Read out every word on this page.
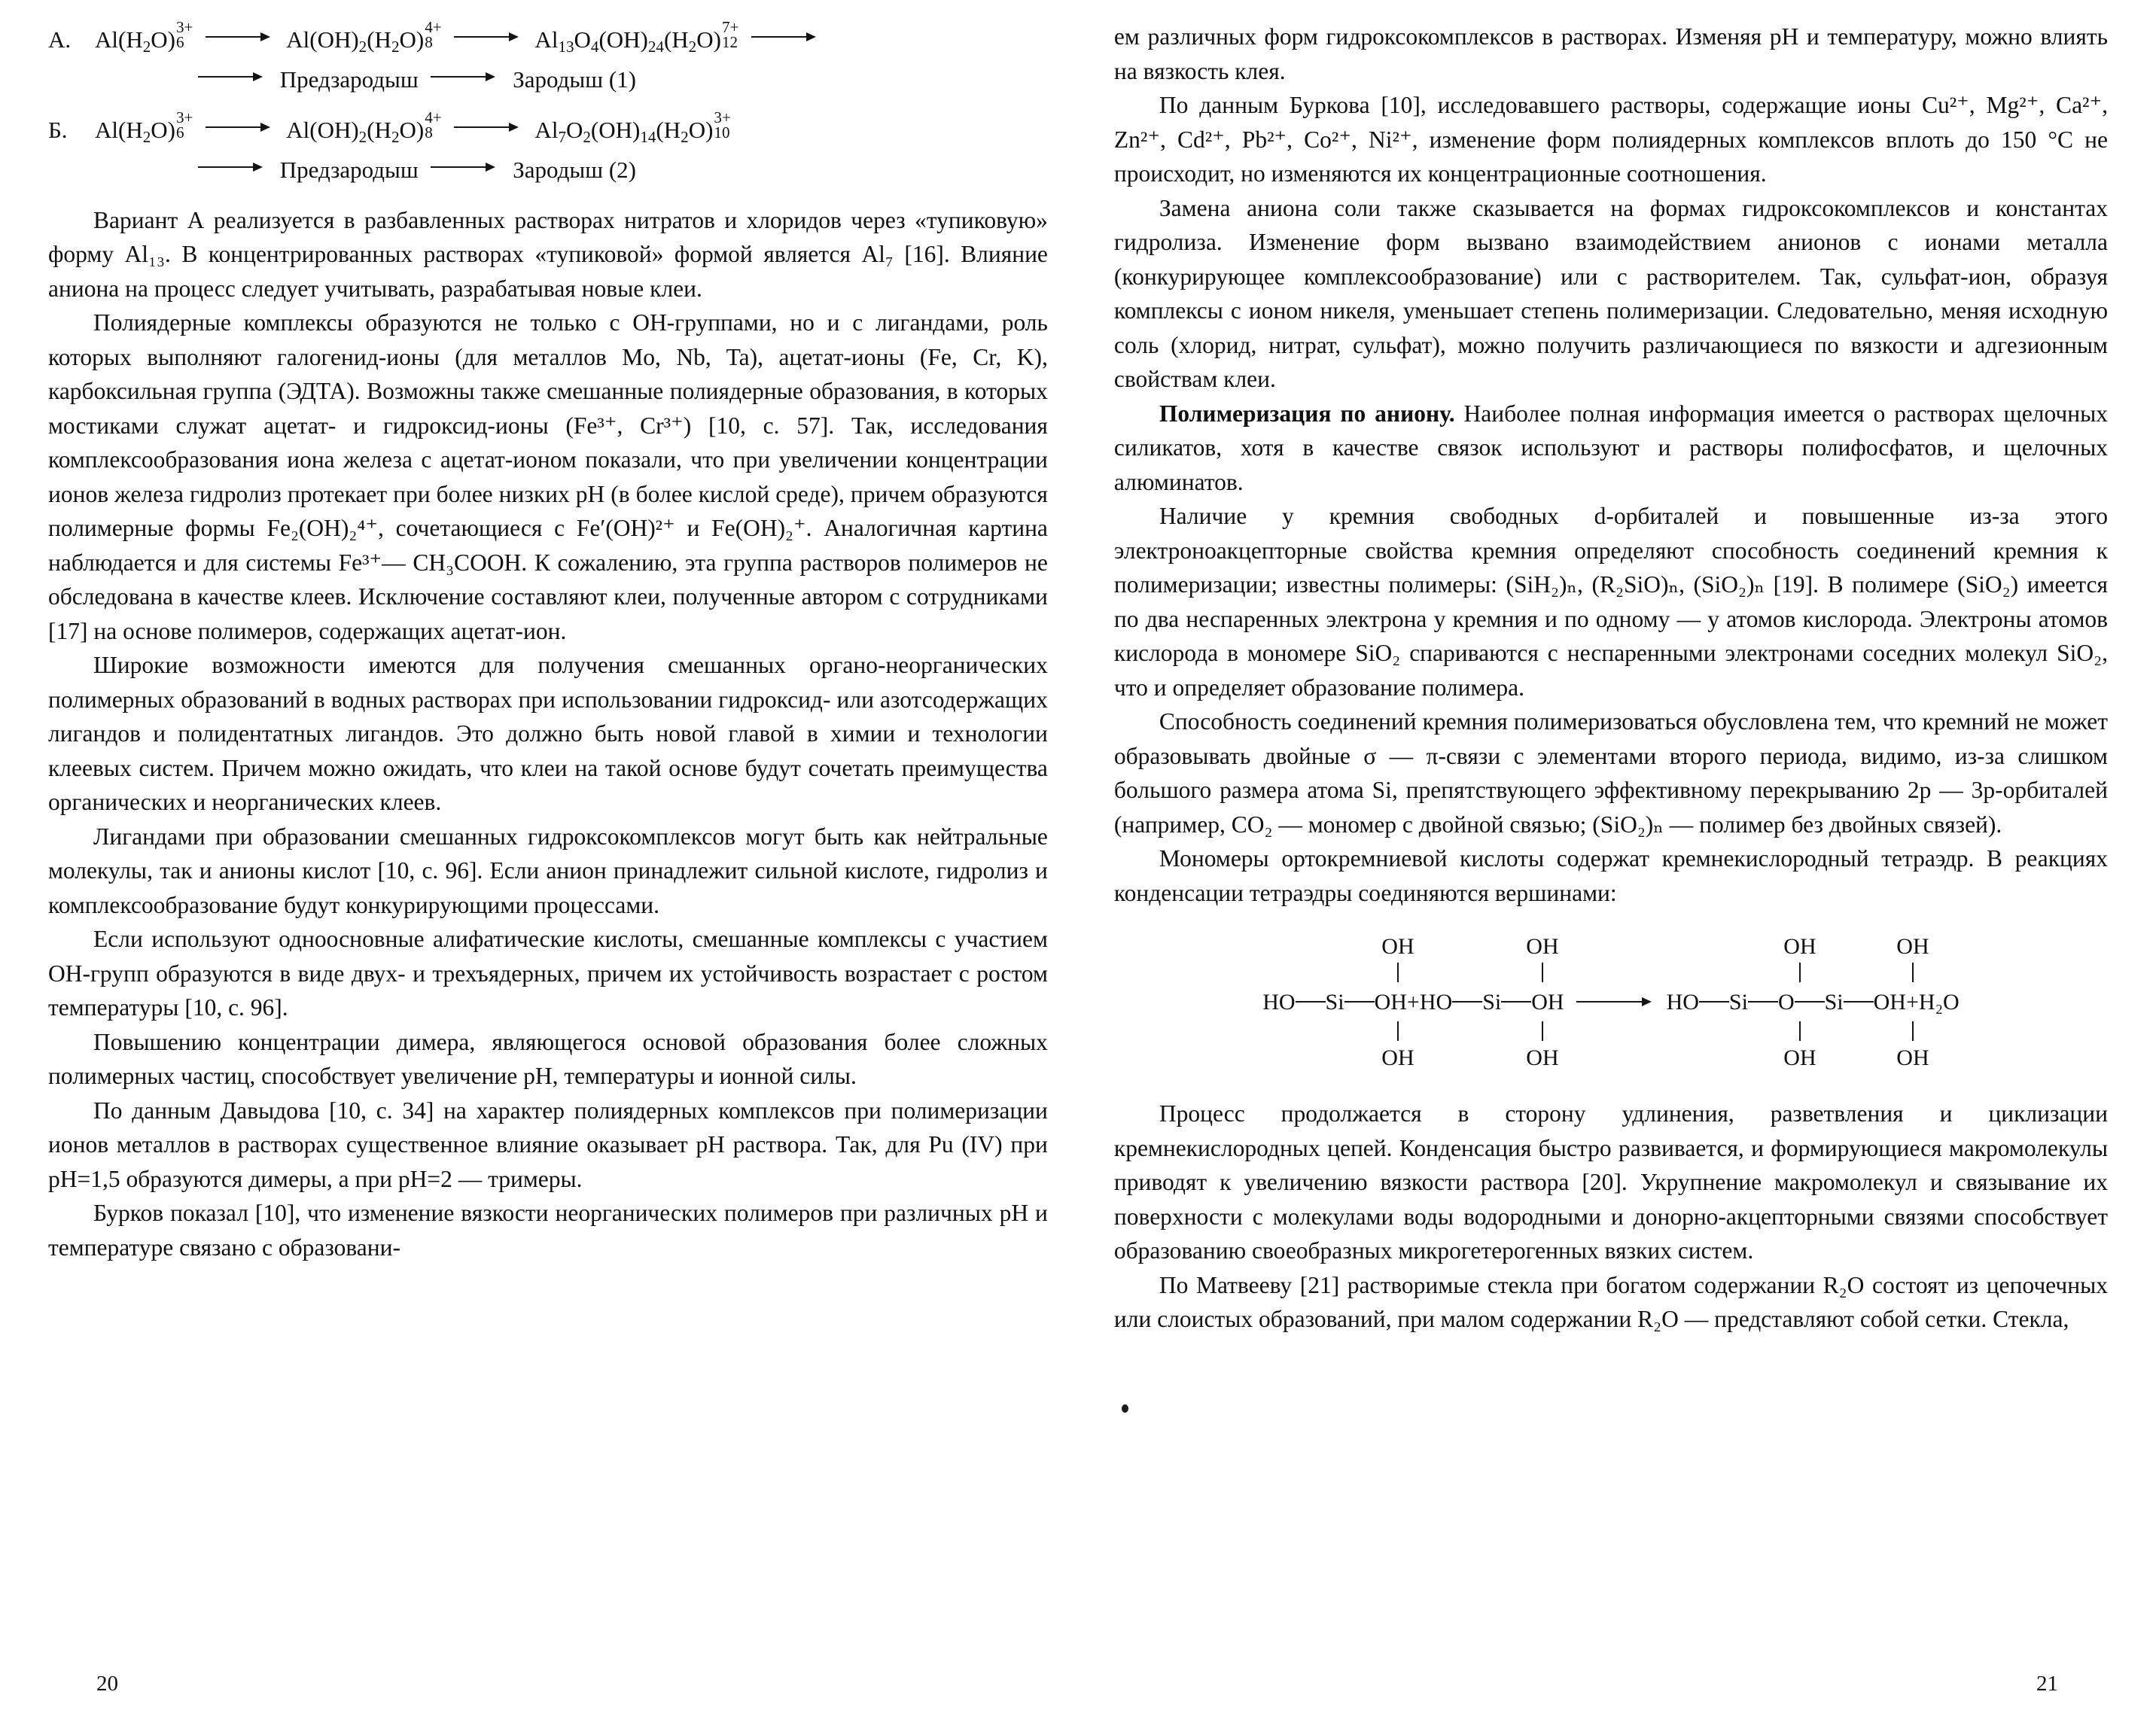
А. $Al(H_2O)$ 3+
6	$Al(OH)_2(H_2O)$ 4+
8	$Al_{13}O_4(OH)_{24}(H_2O)$ 7+
12

Предзародыш	Зародыш (1)
Б. $Al(H_2O)$ 3+
6	$Al(OH)_2(H_2O)$ 4+
8	$Al_7O_2(OH)_{14}(H_2O)$ 3+
10
Предзародыш	Зародыш (2)

Вариант А реализуется в разбавленных растворах нитратов и хлоридов через «тупиковую» форму Al₁₃. В концентрированных растворах «тупиковой» формой является Al₇ [16]. Влияние аниона на процесс следует учитывать, разрабатывая новые клеи.

Полиядерные комплексы образуются не только с ОН-группами, но и с лигандами, роль которых выполняют галогенид-ионы (для металлов Mo, Nb, Ta), ацетат-ионы (Fe, Cr, K), карбоксильная группа (ЭДТА). Возможны также смешанные полиядерные образования, в которых мостиками служат ацетат- и гидроксид-ионы (Fe³⁺, Cr³⁺) [10, с. 57]. Так, исследования комплексообразования иона железа с ацетат-ионом показали, что при увеличении концентрации ионов железа гидролиз протекает при более низких pH (в более кислой среде), причем образуются полимерные формы Fe₂(OH)₂⁴⁺, сочетающиеся с Fe′(OH)²⁺ и Fe(OH)₂⁺. Аналогичная картина наблюдается и для системы Fe³⁺— CH₃COOH. К сожалению, эта группа растворов полимеров не обследована в качестве клеев. Исключение составляют клеи, полученные автором с сотрудниками [17] на основе полимеров, содержащих ацетат-ион.

Широкие возможности имеются для получения смешанных органо-неорганических полимерных образований в водных растворах при использовании гидроксид- или азотсодержащих лигандов и полидентатных лигандов. Это должно быть новой главой в химии и технологии клеевых систем. Причем можно ожидать, что клеи на такой основе будут сочетать преимущества органических и неорганических клеев.

Лигандами при образовании смешанных гидроксокомплексов могут быть как нейтральные молекулы, так и анионы кислот [10, с. 96]. Если анион принадлежит сильной кислоте, гидролиз и комплексообразование будут конкурирующими процессами.

Если используют одноосновные алифатические кислоты, смешанные комплексы с участием ОН-групп образуются в виде двух- и трехъядерных, причем их устойчивость возрастает с ростом температуры [10, с. 96].

Повышению концентрации димера, являющегося основой образования более сложных полимерных частиц, способствует увеличение pH, температуры и ионной силы.

По данным Давыдова [10, с. 34] на характер полиядерных комплексов при полимеризации ионов металлов в растворах существенное влияние оказывает pH раствора. Так, для Pu (IV) при pH=1,5 образуются димеры, а при pH=2 — тримеры.

Бурков показал [10], что изменение вязкости неорганических полимеров при различных pH и температуре связано с образовани-

20

ем различных форм гидроксокомплексов в растворах. Изменяя pH и температуру, можно влиять на вязкость клея.

По данным Буркова [10], исследовавшего растворы, содержащие ионы Cu²⁺, Mg²⁺, Ca²⁺, Zn²⁺, Cd²⁺, Pb²⁺, Co²⁺, Ni²⁺, изменение форм полиядерных комплексов вплоть до 150 °C не происходит, но изменяются их концентрационные соотношения.

Замена аниона соли также сказывается на формах гидроксокомплексов и константах гидролиза. Изменение форм вызвано взаимодействием анионов с ионами металла (конкурирующее комплексообразование) или с растворителем. Так, сульфат-ион, образуя комплексы с ионом никеля, уменьшает степень полимеризации. Следовательно, меняя исходную соль (хлорид, нитрат, сульфат), можно получить различающиеся по вязкости и адгезионным свойствам клеи.

Полимеризация по аниону. Наиболее полная информация имеется о растворах щелочных силикатов, хотя в качестве связок используют и растворы полифосфатов, и щелочных алюминатов.

Наличие у кремния свободных d-орбиталей и повышенные из-за этого электроноакцепторные свойства кремния определяют способность соединений кремния к полимеризации; известны полимеры: (SiH₂)ₙ, (R₂SiO)ₙ, (SiO₂)ₙ [19]. В полимере (SiO₂) имеется по два неспаренных электрона у кремния и по одному — у атомов кислорода. Электроны атомов кислорода в мономере SiO₂ спариваются с неспаренными электронами соседних молекул SiO₂, что и определяет образование полимера.

Способность соединений кремния полимеризоваться обусловлена тем, что кремний не может образовывать двойные σ — π-связи с элементами второго периода, видимо, из-за слишком большого размера атома Si, препятствующего эффективному перекрыванию 2p — 3p-орбиталей (например, CO₂ — мономер с двойной связью; (SiO₂)ₙ — полимер без двойных связей).

Мономеры ортокремниевой кислоты содержат кремнекислородный тетраэдр. В реакциях конденсации тетраэдры соединяются вершинами:

OH	OH	OH	OH
HO Si OH + HO Si OH	HO Si O Si OH + H₂O
OH	OH	OH	OH

Процесс продолжается в сторону удлинения, разветвления и циклизации кремнекислородных цепей. Конденсация быстро развивается, и формирующиеся макромолекулы приводят к увеличению вязкости раствора [20]. Укрупнение макромолекул и связывание их поверхности с молекулами воды водородными и донорно-акцепторными связями способствует образованию своеобразных микрогетерогенных вязких систем.

По Матвееву [21] растворимые стекла при богатом содержании R₂O состоят из цепочечных или слоистых образований, при малом содержании R₂O — представляют собой сетки. Стекла,

21
